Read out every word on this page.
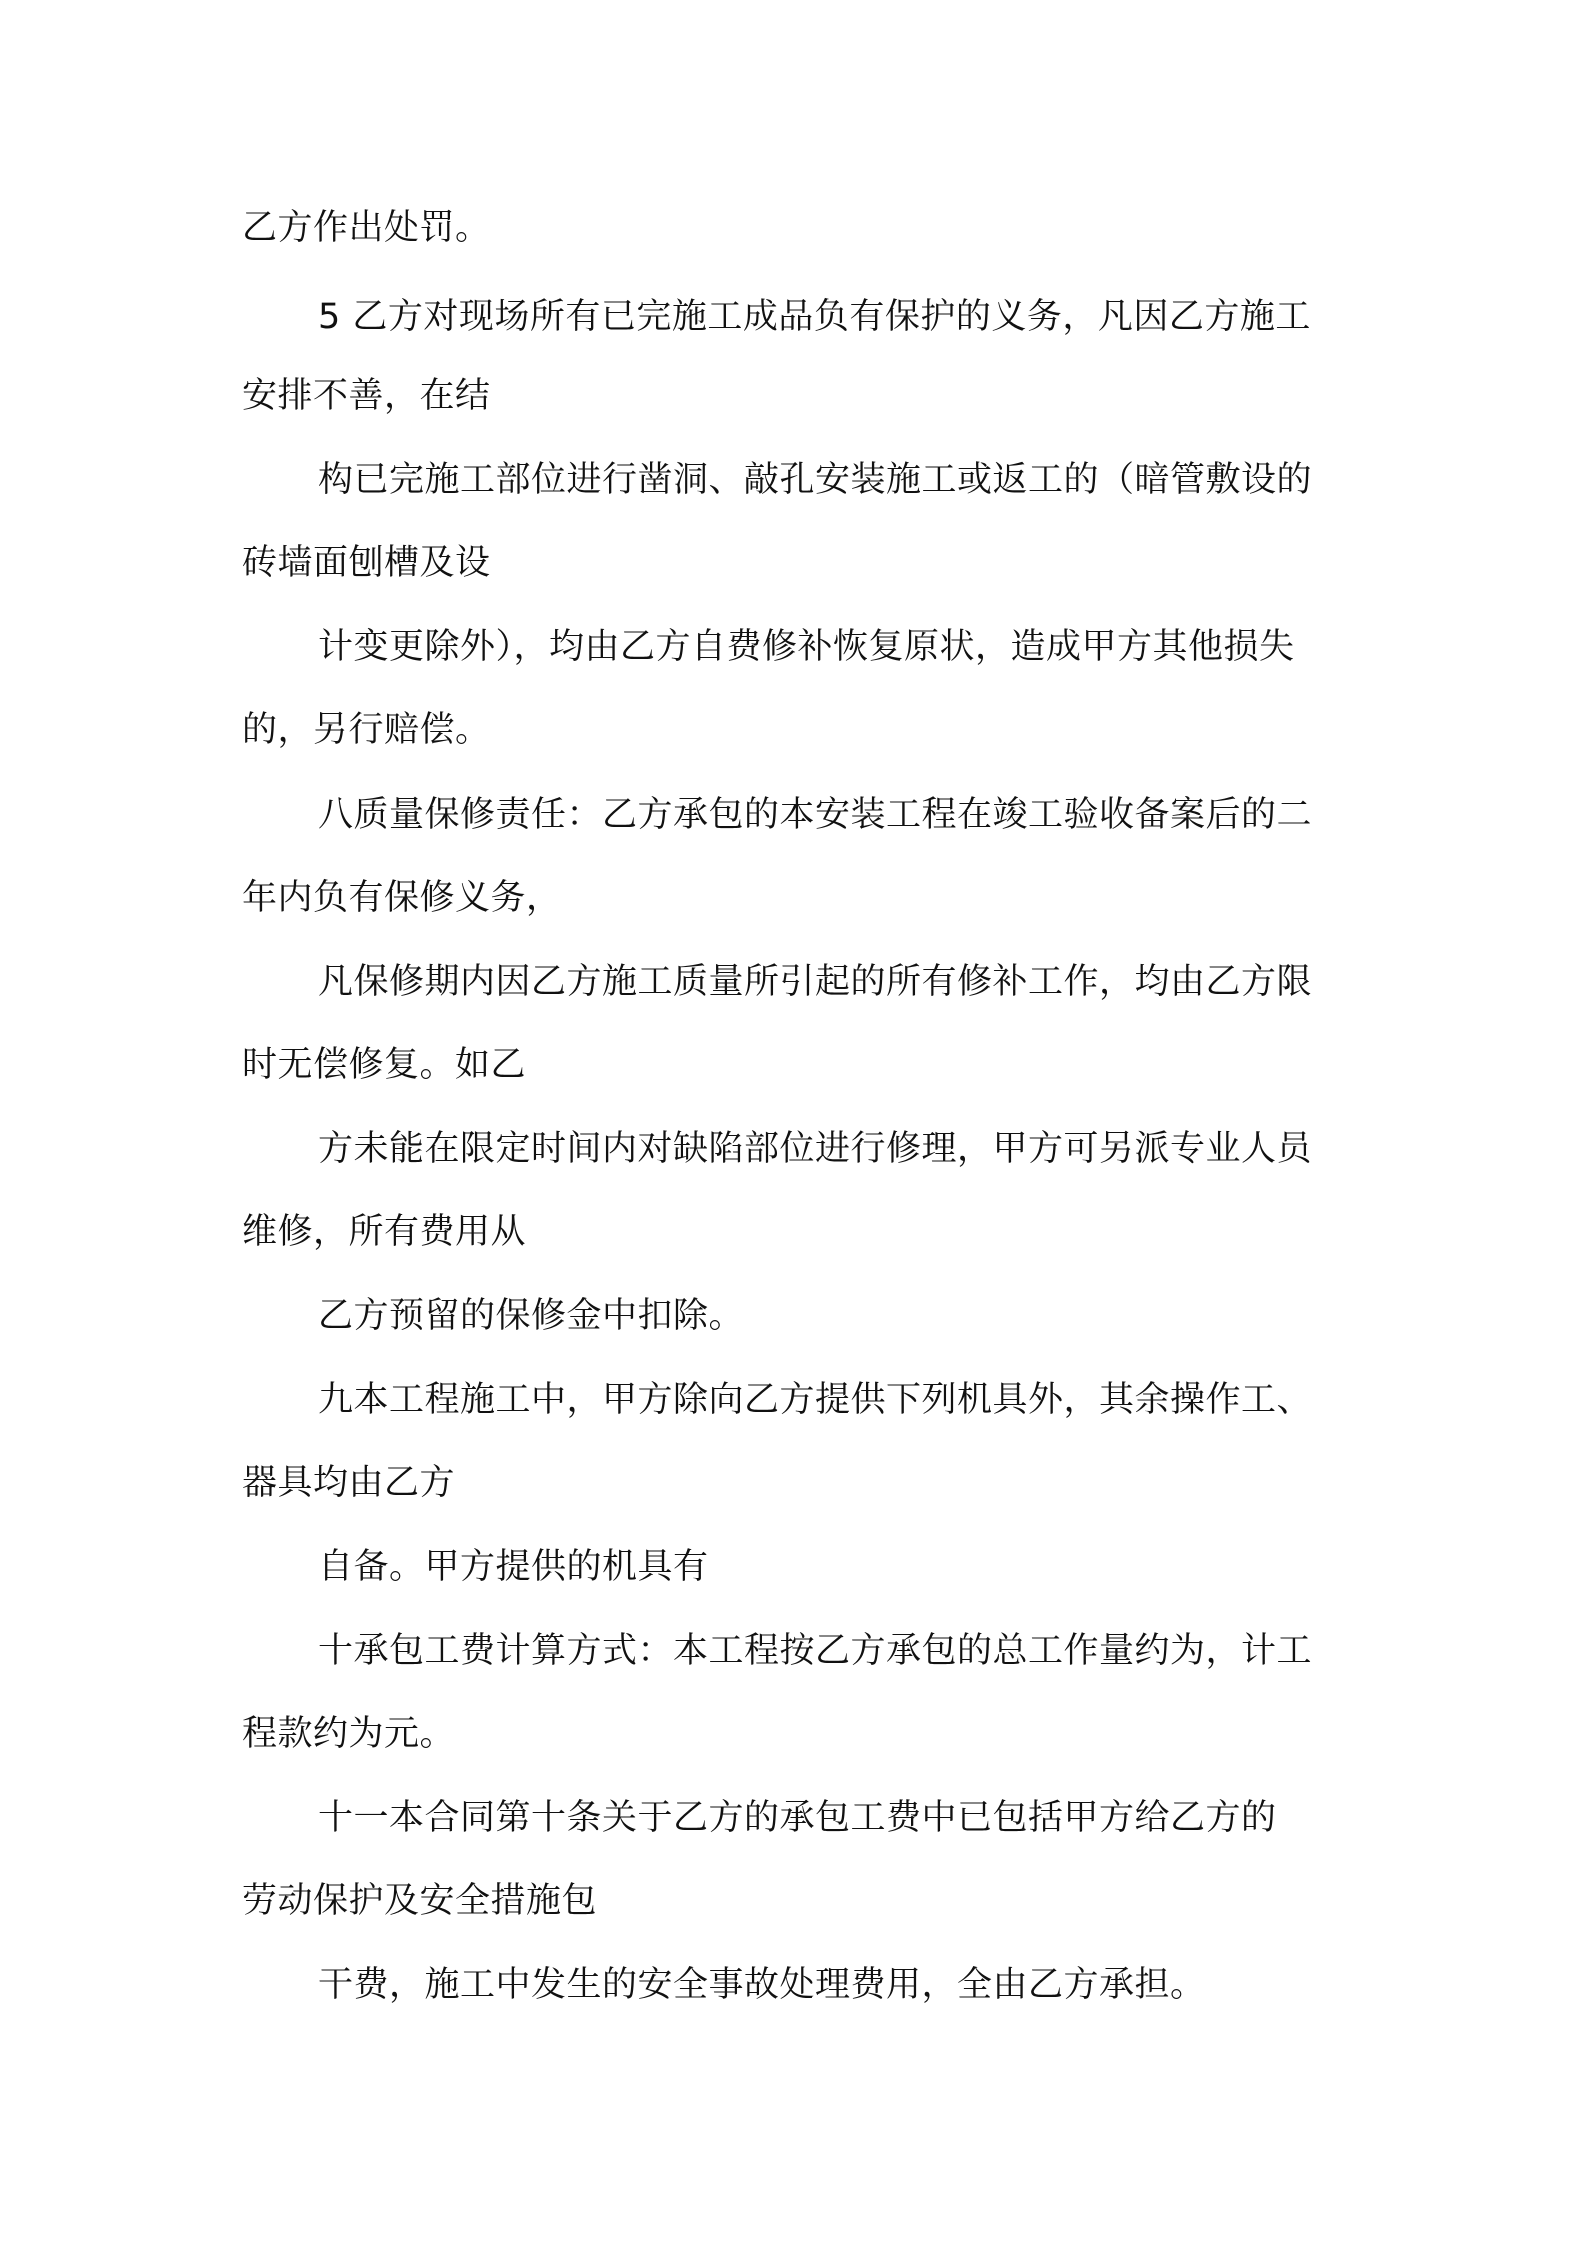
乙方作出处罚。

5 乙方对现场所有已完施工成品负有保护的义务，凡因乙方施工

安排不善，在结

构已完施工部位进行凿洞、敲孔安装施工或返工的（暗管敷设的

砖墙面刨槽及设

计变更除外），均由乙方自费修补恢复原状，造成甲方其他损失

的，另行赔偿。

八质量保修责任：乙方承包的本安装工程在竣工验收备案后的二

年内负有保修义务，

凡保修期内因乙方施工质量所引起的所有修补工作，均由乙方限

时无偿修复。如乙

方未能在限定时间内对缺陷部位进行修理，甲方可另派专业人员

维修，所有费用从

乙方预留的保修金中扣除。

九本工程施工中，甲方除向乙方提供下列机具外，其余操作工、

器具均由乙方

自备。甲方提供的机具有

十承包工费计算方式：本工程按乙方承包的总工作量约为，计工

程款约为元。

十一本合同第十条关于乙方的承包工费中已包括甲方给乙方的

劳动保护及安全措施包

干费，施工中发生的安全事故处理费用，全由乙方承担。
